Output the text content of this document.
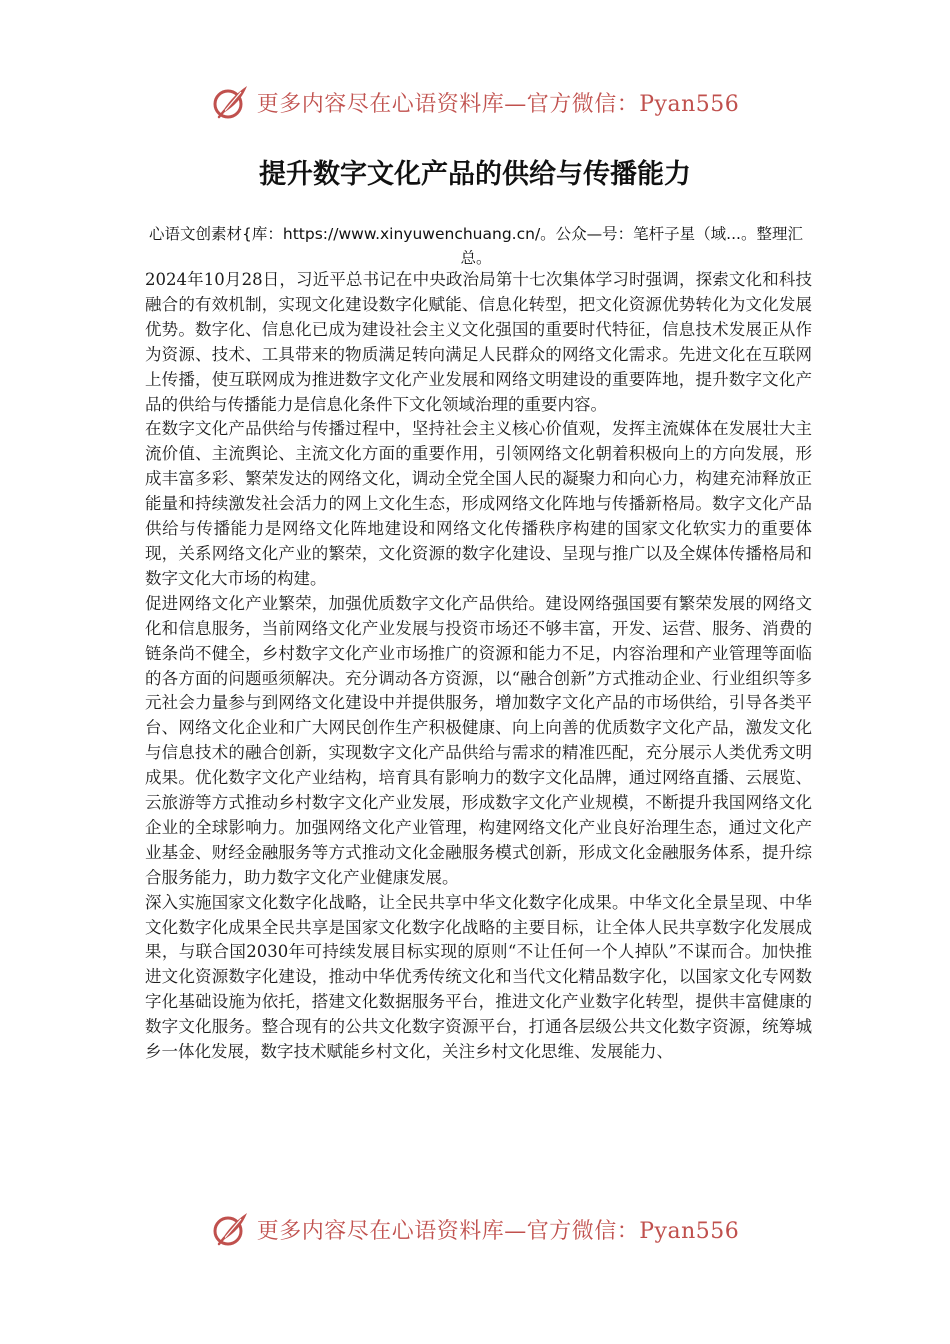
更多内容尽在心语资料库—官方微信：Pyan556
提升数字文化产品的供给与传播能力

心语文创素材{库：https://www.xinyuwenchuang.cn/。公众—号：笔杆子星（域...。整理汇总。

2024年10月28日，习近平总书记在中央政治局第十七次集体学习时强调，探索文化和科技融合的有效机制，实现文化建设数字化赋能、信息化转型，把文化资源优势转化为文化发展优势。数字化、信息化已成为建设社会主义文化强国的重要时代特征，信息技术发展正从作为资源、技术、工具带来的物质满足转向满足人民群众的网络文化需求。先进文化在互联网上传播，使互联网成为推进数字文化产业发展和网络文明建设的重要阵地，提升数字文化产品的供给与传播能力是信息化条件下文化领域治理的重要内容。

在数字文化产品供给与传播过程中，坚持社会主义核心价值观，发挥主流媒体在发展壮大主流价值、主流舆论、主流文化方面的重要作用，引领网络文化朝着积极向上的方向发展，形成丰富多彩、繁荣发达的网络文化，调动全党全国人民的凝聚力和向心力，构建充沛释放正能量和持续激发社会活力的网上文化生态，形成网络文化阵地与传播新格局。数字文化产品供给与传播能力是网络文化阵地建设和网络文化传播秩序构建的国家文化软实力的重要体现，关系网络文化产业的繁荣，文化资源的数字化建设、呈现与推广以及全媒体传播格局和数字文化大市场的构建。

促进网络文化产业繁荣，加强优质数字文化产品供给。建设网络强国要有繁荣发展的网络文化和信息服务，当前网络文化产业发展与投资市场还不够丰富，开发、运营、服务、消费的链条尚不健全，乡村数字文化产业市场推广的资源和能力不足，内容治理和产业管理等面临的各方面的问题亟须解决。充分调动各方资源，以“融合创新”方式推动企业、行业组织等多元社会力量参与到网络文化建设中并提供服务，增加数字文化产品的市场供给，引导各类平台、网络文化企业和广大网民创作生产积极健康、向上向善的优质数字文化产品，激发文化与信息技术的融合创新，实现数字文化产品供给与需求的精准匹配，充分展示人类优秀文明成果。优化数字文化产业结构，培育具有影响力的数字文化品牌，通过网络直播、云展览、云旅游等方式推动乡村数字文化产业发展，形成数字文化产业规模，不断提升我国网络文化企业的全球影响力。加强网络文化产业管理，构建网络文化产业良好治理生态，通过文化产业基金、财经金融服务等方式推动文化金融服务模式创新，形成文化金融服务体系，提升综合服务能力，助力数字文化产业健康发展。

深入实施国家文化数字化战略，让全民共享中华文化数字化成果。中华文化全景呈现、中华文化数字化成果全民共享是国家文化数字化战略的主要目标，让全体人民共享数字化发展成果，与联合国2030年可持续发展目标实现的原则“不让任何一个人掉队”不谋而合。加快推进文化资源数字化建设，推动中华优秀传统文化和当代文化精品数字化，以国家文化专网数字化基础设施为依托，搭建文化数据服务平台，推进文化产业数字化转型，提供丰富健康的数字文化服务。整合现有的公共文化数字资源平台，打通各层级公共文化数字资源，统筹城乡一体化发展，数字技术赋能乡村文化，关注乡村文化思维、发展能力、

更多内容尽在心语资料库—官方微信：Pyan556
